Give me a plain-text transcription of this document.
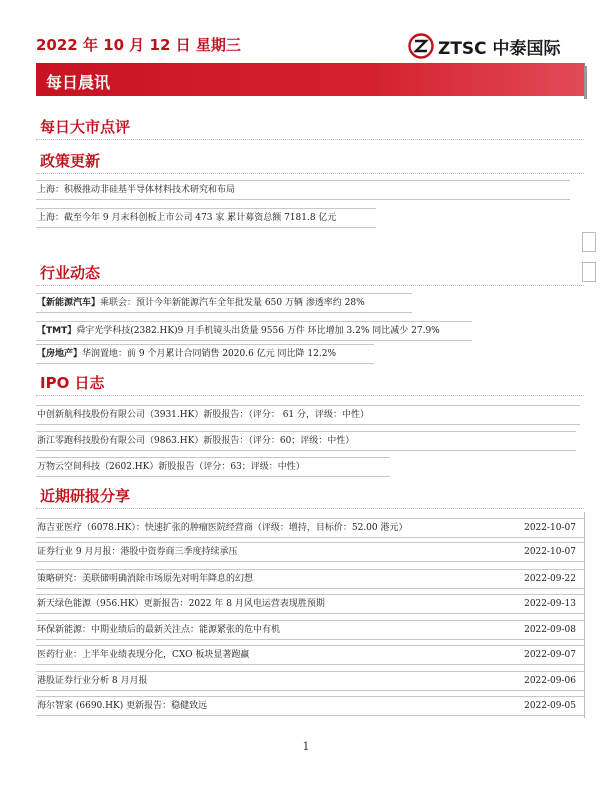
2022 年 10 月 12 日 星期三	ZTSC 中泰国际
每日晨讯
每日大市点评
政策更新
上海：积极推动非硅基半导体材料技术研究和布局
上海：截至今年 9 月末科创板上市公司 473 家 累计募资总额 7181.8 亿元
行业动态
【新能源汽车】乘联会：预计今年新能源汽车全年批发量 650 万辆 渗透率约 28%
【TMT】舜宇光学科技(2382.HK)9 月手机镜头出货量 9556 万件 环比增加 3.2% 同比减少 27.9%
【房地产】华润置地：前 9 个月累计合同销售 2020.6 亿元 同比降 12.2%
IPO 日志
中创新航科技股份有限公司（3931.HK）新股报告：（评分： 61 分，评级：中性）
浙江零跑科技股份有限公司（9863.HK）新股报告：（评分：60；评级：中性）
万物云空间科技（2602.HK）新股报告（评分：63；评级：中性）
近期研报分享
海吉亚医疗（6078.HK）：快速扩张的肿瘤医院经营商（评级：增持，目标价：52.00 港元）	2022-10-07
证券行业 9 月月报：港股中资券商三季度持续承压	2022-10-07
策略研究：美联储明确消除市场原先对明年降息的幻想	2022-09-22
新天绿色能源（956.HK）更新报告：2022 年 8 月风电运营表现胜预期	2022-09-13
环保新能源：中期业绩后的最新关注点：能源紧张的危中有机	2022-09-08
医药行业：上半年业绩表现分化，CXO 板块显著跑赢	2022-09-07
港股证券行业分析 8 月月报	2022-09-06
海尔智家 (6690.HK) 更新报告：稳健致远	2022-09-05
1
